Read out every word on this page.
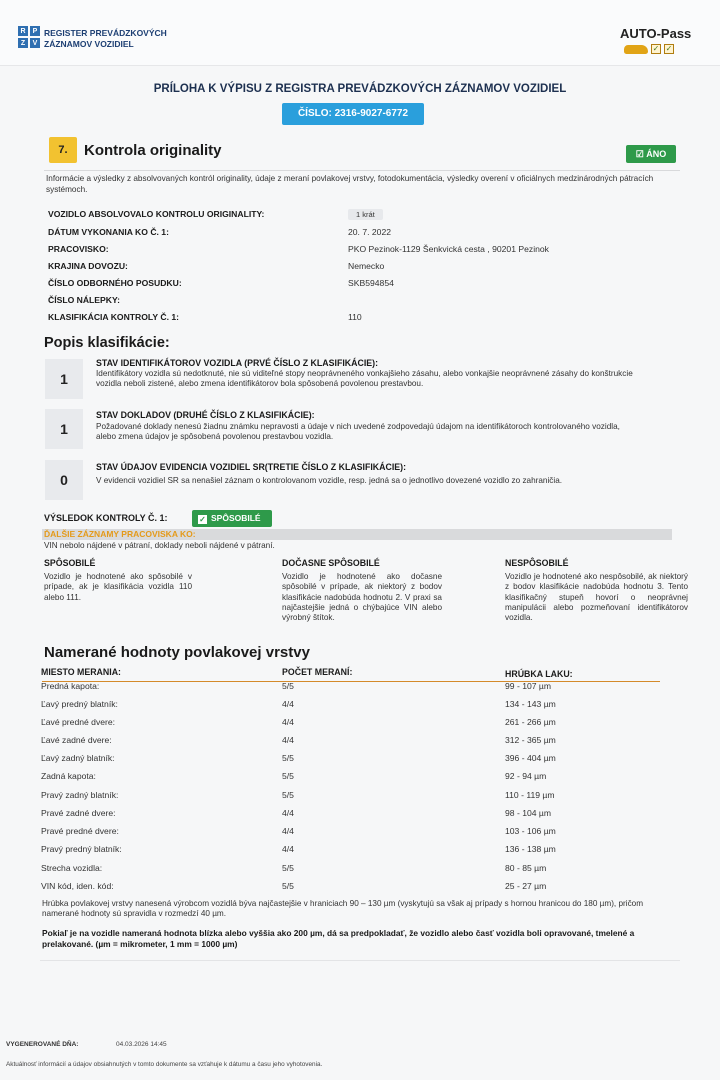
R	P
Z	V
REGISTER PREVÁDZKOVÝCH
ZÁZNAMOV VOZIDIEL
AUTO-Pass
✓ ✓
PRÍLOHA K VÝPISU Z REGISTRA PREVÁDZKOVÝCH ZÁZNAMOV VOZIDIEL
ČÍSLO: 2316-9027-6772
7.	Kontrola originality	☑ ÁNO
Informácie a výsledky z absolvovaných kontról originality, údaje z meraní povlakovej vrstvy, fotodokumentácia, výsledky overení v oficiálnych medzinárodných pátracích systémoch.
VOZIDLO ABSOLVOVALO KONTROLU ORIGINALITY:	1 krát
DÁTUM VYKONANIA KO Č. 1:	20. 7. 2022
PRACOVISKO:	PKO Pezinok-1129 Šenkvická cesta , 90201 Pezinok
KRAJINA DOVOZU:	Nemecko
ČÍSLO ODBORNÉHO POSUDKU:	SKB594854
ČÍSLO NÁLEPKY:
KLASIFIKÁCIA KONTROLY Č. 1:	110
Popis klasifikácie:
1
STAV IDENTIFIKÁTOROV VOZIDLA (PRVÉ ČÍSLO Z KLASIFIKÁCIE):
Identifikátory vozidla sú nedotknuté, nie sú viditeľné stopy neoprávneného vonkajšieho zásahu, alebo vonkajšie neoprávnené zásahy do konštrukcie vozidla neboli zistené, alebo zmena identifikátorov bola spôsobená povolenou prestavbou.
1
STAV DOKLADOV (DRUHÉ ČÍSLO Z KLASIFIKÁCIE):
Požadované doklady nenesú žiadnu známku nepravosti a údaje v nich uvedené zodpovedajú údajom na identifikátoroch kontrolovaného vozidla, alebo zmena údajov je spôsobená povolenou prestavbou vozidla.
0
STAV ÚDAJOV EVIDENCIA VOZIDIEL SR(TRETIE ČÍSLO Z KLASIFIKÁCIE):
V evidencii vozidiel SR sa nenašiel záznam o kontrolovanom vozidle, resp. jedná sa o jednotlivo dovezené vozidlo zo zahraničia.
VÝSLEDOK KONTROLY Č. 1:	✓ SPÔSOBILÉ
ĎALŠIE ZÁZNAMY PRACOVISKA KO:
VIN nebolo nájdené v pátraní, doklady neboli nájdené v pátraní.
SPÔSOBILÉ
Vozidlo je hodnotené ako spôsobilé v prípade, ak je klasifikácia vozidla 110 alebo 111.
DOČASNE SPÔSOBILÉ
Vozidlo je hodnotené ako dočasne spôsobilé v prípade, ak niektorý z bodov klasifikácie nadobúda hodnotu 2. V praxi sa najčastejšie jedná o chýbajúce VIN alebo výrobný štítok.
NESPÔSOBILÉ
Vozidlo je hodnotené ako nespôsobilé, ak niektorý z bodov klasifikácie nadobúda hodnotu 3. Tento klasifikačný stupeň hovorí o neoprávnej manipulácii alebo pozmeňovaní identifikátorov vozidla.
Namerané hodnoty povlakovej vrstvy
MIESTO MERANIA:	POČET MERANÍ:	HRÚBKA LAKU:
Predná kapota:	5/5	99 - 107 µm
Ľavý predný blatník:	4/4	134 - 143 µm
Ľavé predné dvere:	4/4	261 - 266 µm
Ľavé zadné dvere:	4/4	312 - 365 µm
Ľavý zadný blatník:	5/5	396 - 404 µm
Zadná kapota:	5/5	92 - 94 µm
Pravý zadný blatník:	5/5	110 - 119 µm
Pravé zadné dvere:	4/4	98 - 104 µm
Pravé predné dvere:	4/4	103 - 106 µm
Pravý predný blatník:	4/4	136 - 138 µm
Strecha vozidla:	5/5	80 - 85 µm
VIN kód, iden. kód:	5/5	25 - 27 µm
Hrúbka povlakovej vrstvy nanesená výrobcom vozidlá býva najčastejšie v hraniciach 90 – 130 µm (vyskytujú sa však aj prípady s hornou hranicou do 180 µm), pričom namerané hodnoty sú spravidla v rozmedzí 40 µm.
Pokiaľ je na vozidle nameraná hodnota blízka alebo vyššia ako 200 µm, dá sa predpokladať, že vozidlo alebo časť vozidla boli opravované, tmelené a prelakované. (µm = mikrometer, 1 mm = 1000 µm)
VYGENEROVANÉ DŇA:	04.03.2026 14:45
Aktuálnosť informácií a údajov obsiahnutých v tomto dokumente sa vzťahuje k dátumu a času jeho vyhotovenia.
